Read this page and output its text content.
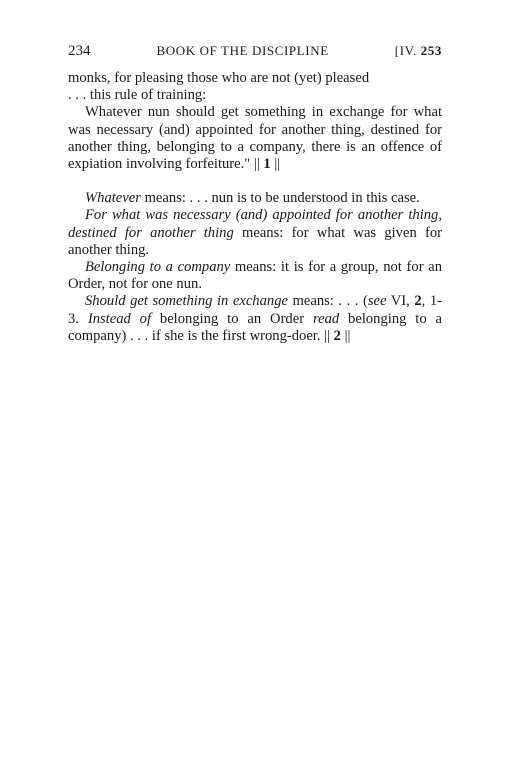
234	BOOK OF THE DISCIPLINE	[IV. 253

monks, for pleasing those who are not (yet) pleased
. . . this rule of training:

Whatever nun should get something in exchange for what was necessary (and) appointed for another thing, destined for another thing, belonging to a company, there is an offence of expiation involving forfeiture." || 1 ||

Whatever means: . . . nun is to be understood in this case.

For what was necessary (and) appointed for another thing, destined for another thing means: for what was given for another thing.

Belonging to a company means: it is for a group, not for an Order, not for one nun.

Should get something in exchange means: . . . (see VI, 2, 1-3. Instead of belonging to an Order read belonging to a company) . . . if she is the first wrong-doer. || 2 ||
